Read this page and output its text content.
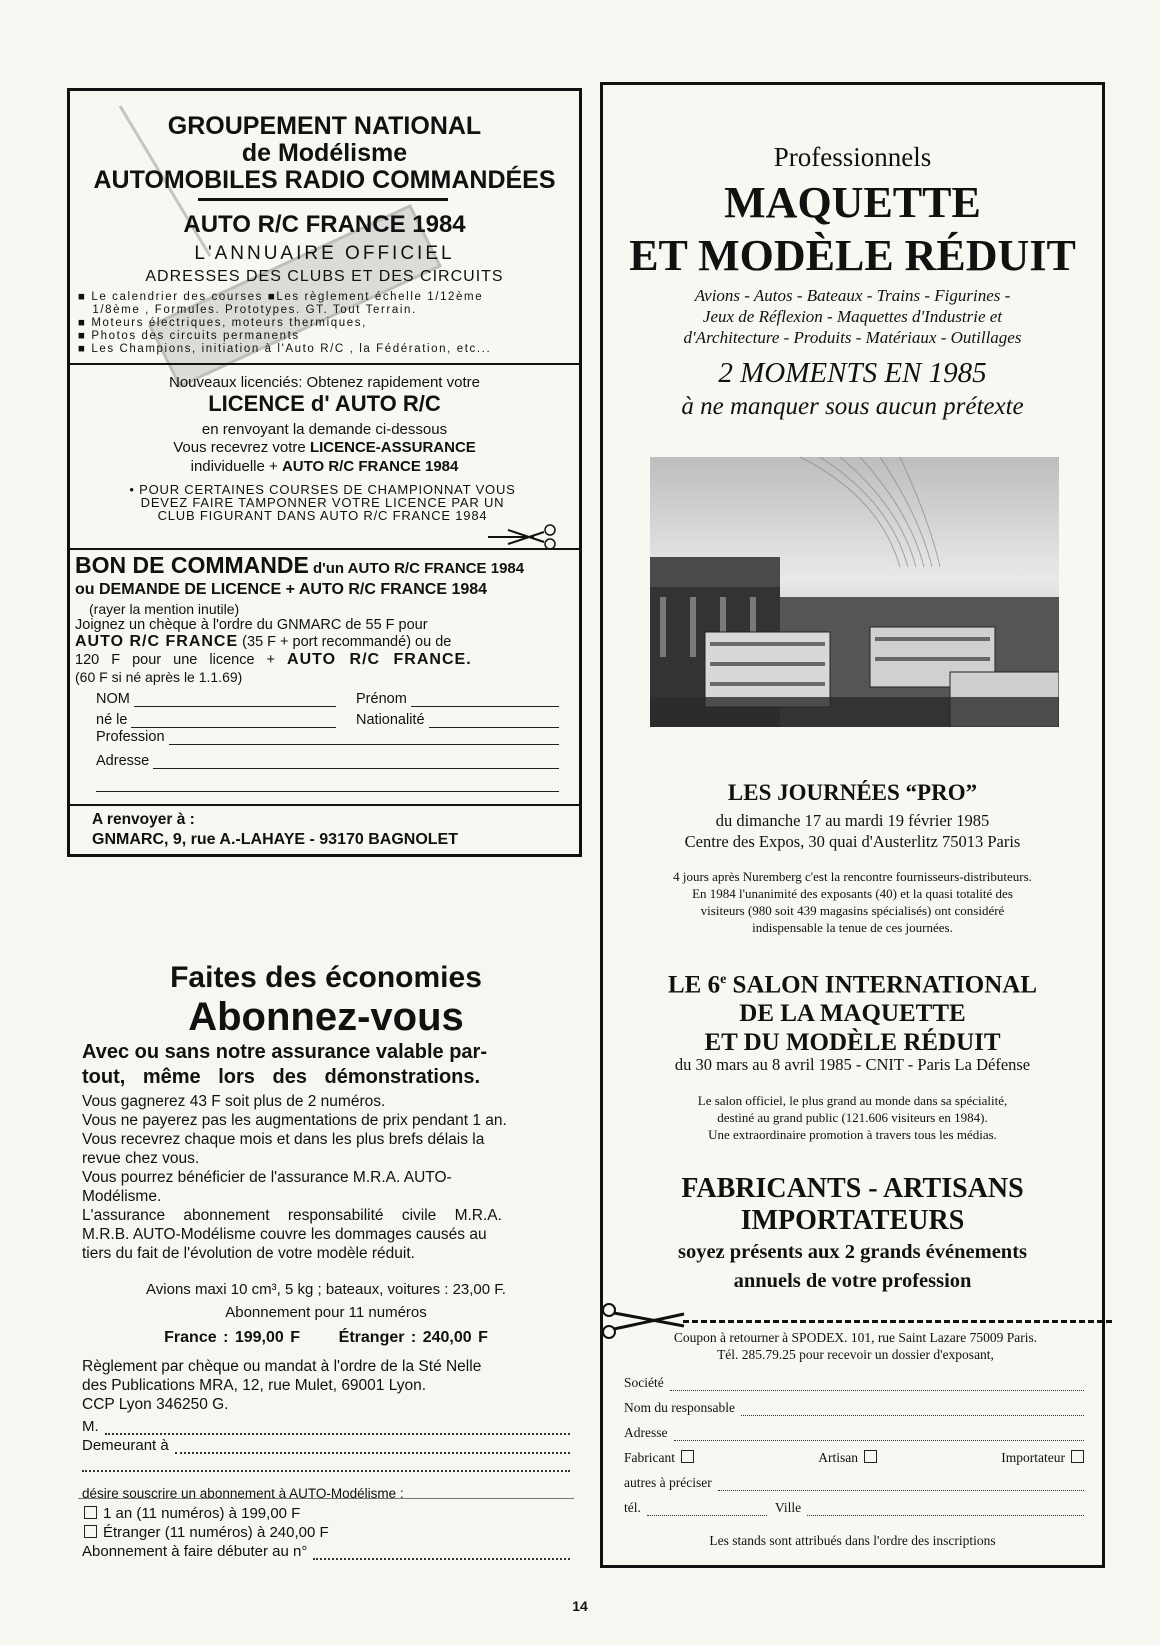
GROUPEMENT NATIONAL
de Modélisme
AUTOMOBILES RADIO COMMANDÉES
AUTO R/C FRANCE 1984
L'ANNUAIRE OFFICIEL
ADRESSES DES CLUBS ET DES CIRCUITS
■ Le calendrier des courses ■Les règlement échelle 1/12ème
1/8ème , Formules. Prototypes. GT. Tout Terrain.
■ Moteurs électriques, moteurs thermiques,
■ Photos des circuits permanents
■ Les Champions, initiation à l'Auto R/C , la Fédération, etc...
Nouveaux licenciés: Obtenez rapidement votre
LICENCE d' AUTO R/C
en renvoyant la demande ci-dessous
Vous recevrez votre LICENCE-ASSURANCE
individuelle + AUTO R/C FRANCE 1984
• POUR CERTAINES COURSES DE CHAMPIONNAT VOUS
DEVEZ FAIRE TAMPONNER VOTRE LICENCE PAR UN
CLUB FIGURANT DANS AUTO R/C FRANCE 1984
BON DE COMMANDE d'un AUTO R/C FRANCE 1984
ou DEMANDE DE LICENCE + AUTO R/C FRANCE 1984
(rayer la mention inutile)
Joignez un chèque à l'ordre du GNMARC de 55 F pour
AUTO R/C FRANCE (35 F + port recommandé) ou de
120 F pour une licence + AUTO R/C FRANCE.
(60 F si né après le 1.1.69)
NOM	Prénom
né le	Nationalité
Profession
Adresse
A renvoyer à :
GNMARC, 9, rue A.-LAHAYE - 93170 BAGNOLET
Faites des économies
Abonnez-vous
Avec ou sans notre assurance valable par-
tout, même lors des démonstrations.
Vous gagnerez 43 F soit plus de 2 numéros.
Vous ne payerez pas les augmentations de prix pendant 1 an.
Vous recevrez chaque mois et dans les plus brefs délais la
revue chez vous.
Vous pourrez bénéficier de l'assurance M.R.A. AUTO-
Modélisme.
L'assurance abonnement responsabilité civile M.R.A.
M.R.B. AUTO-Modélisme couvre les dommages causés au
tiers du fait de l'évolution de votre modèle réduit.
Avions maxi 10 cm³, 5 kg ; bateaux, voitures : 23,00 F.
Abonnement pour 11 numéros
France : 199,00 F Étranger : 240,00 F
Règlement par chèque ou mandat à l'ordre de la Sté Nelle
des Publications MRA, 12, rue Mulet, 69001 Lyon.
CCP Lyon 346250 G.
M.
Demeurant à
désire souscrire un abonnement à AUTO-Modélisme :
1 an (11 numéros) à 199,00 F
Étranger (11 numéros) à 240,00 F
Abonnement à faire débuter au n°
Professionnels
MAQUETTE
ET MODÈLE RÉDUIT
Avions - Autos - Bateaux - Trains - Figurines -
Jeux de Réflexion - Maquettes d'Industrie et
d'Architecture - Produits - Matériaux - Outillages
2 MOMENTS EN 1985
à ne manquer sous aucun prétexte
LES JOURNÉES “PRO”
du dimanche 17 au mardi 19 février 1985
Centre des Expos, 30 quai d'Austerlitz 75013 Paris
4 jours après Nuremberg c'est la rencontre fournisseurs-distributeurs.
En 1984 l'unanimité des exposants (40) et la quasi totalité des
visiteurs (980 soit 439 magasins spécialisés) ont considéré
indispensable la tenue de ces journées.
LE 6e SALON INTERNATIONAL
DE LA MAQUETTE
ET DU MODÈLE RÉDUIT
du 30 mars au 8 avril 1985 - CNIT - Paris La Défense
Le salon officiel, le plus grand au monde dans sa spécialité,
destiné au grand public (121.606 visiteurs en 1984).
Une extraordinaire promotion à travers tous les médias.
FABRICANTS - ARTISANS
IMPORTATEURS
soyez présents aux 2 grands événements
annuels de votre profession
Coupon à retourner à SPODEX. 101, rue Saint Lazare 75009 Paris.
Tél. 285.79.25 pour recevoir un dossier d'exposant,
Société
Nom du responsable
Adresse
Fabricant	Artisan	Importateur
autres à préciser
tél.	Ville
Les stands sont attribués dans l'ordre des inscriptions
14
